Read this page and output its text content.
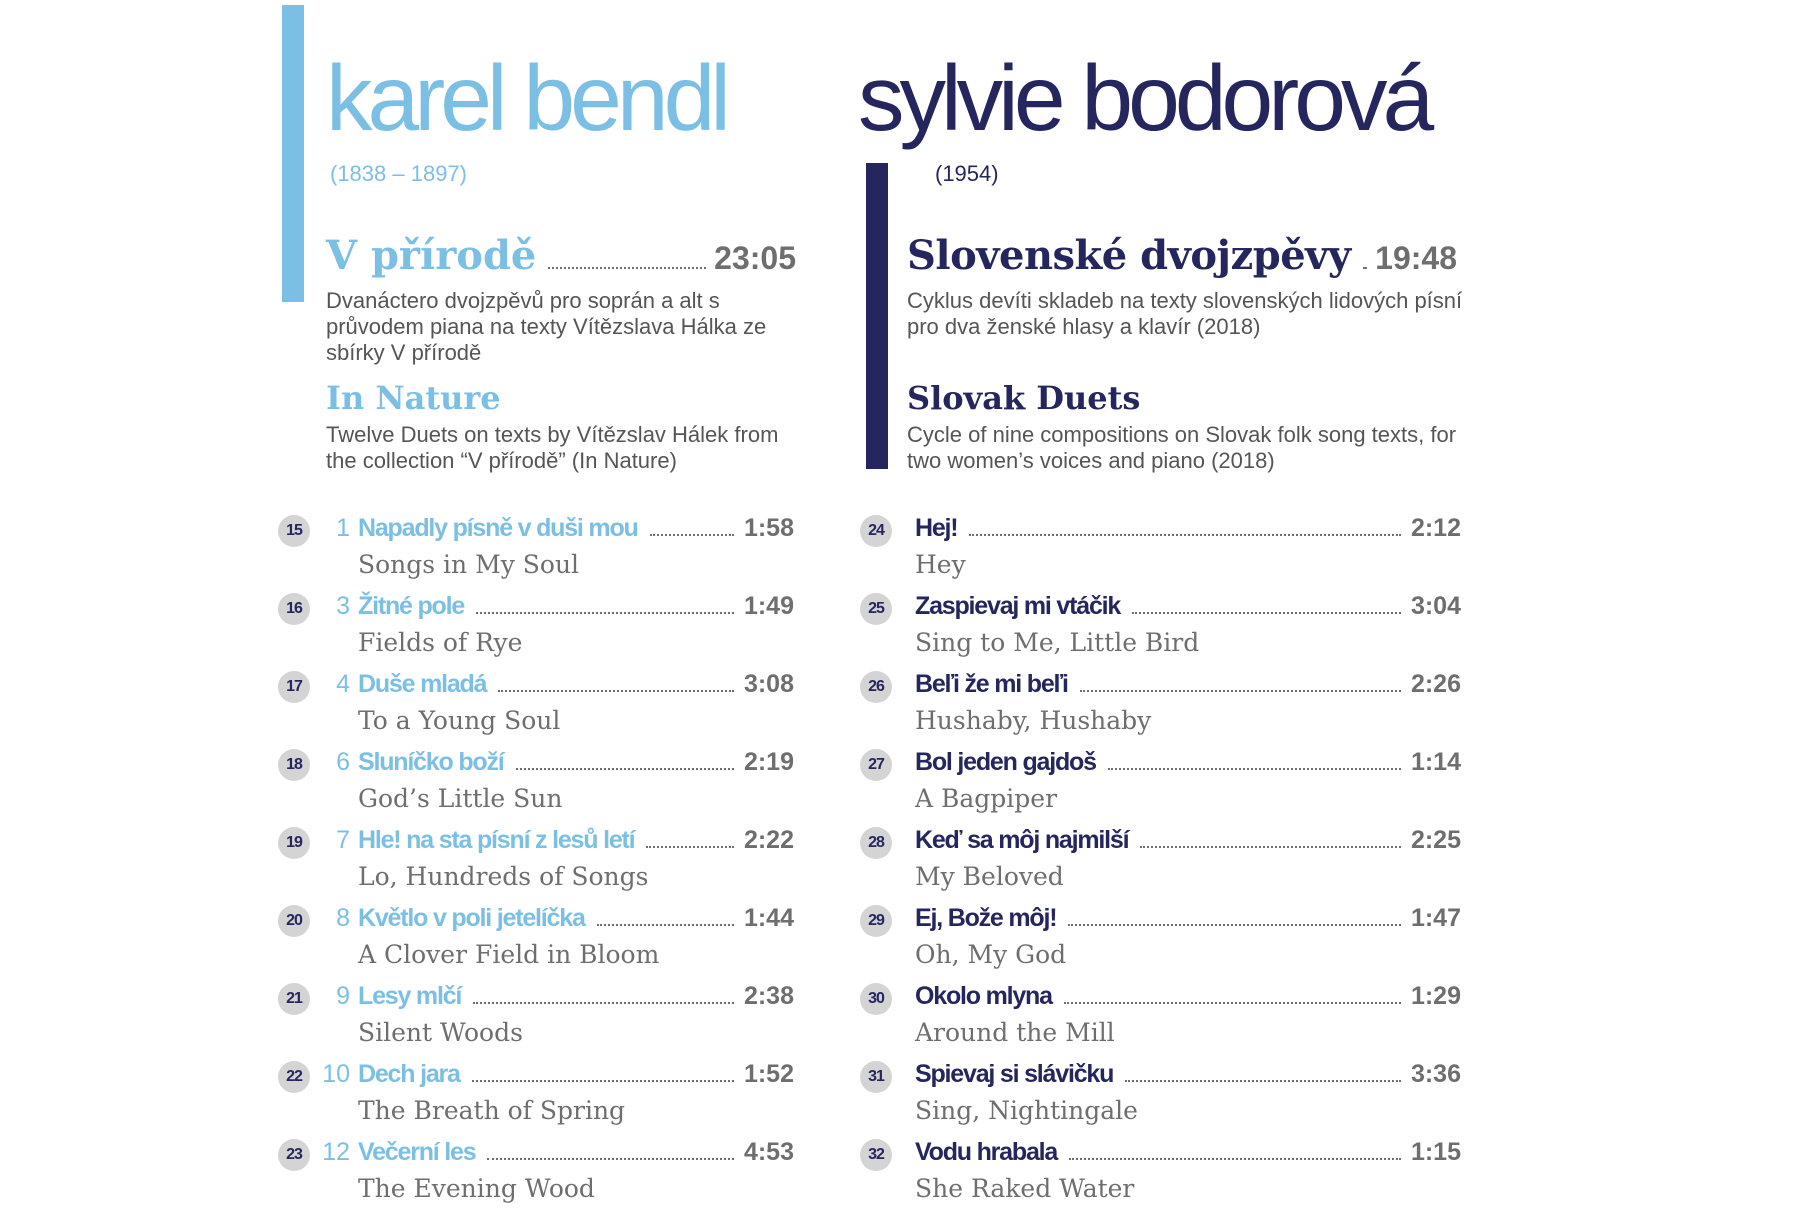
karel bendl
(1838 – 1897)
V přírodě	23:05
Dvanáctero dvojzpěvů pro soprán a alt s průvodem piana na texty Vítězslava Hálka ze sbírky V přírodě
In Nature
Twelve Duets on texts by Vítězslav Hálek from the collection “V přírodě” (In Nature)
sylvie bodorová
(1954)
Slovenské dvojzpěvy 19:48
Cyklus devíti skladeb na texty slovenských lidových písní pro dva ženské hlasy a klavír (2018)
Slovak Duets
Cycle of nine compositions on Slovak folk song texts, for two women’s voices and piano (2018)
15	1 Napadly písně v duši mou	1:58
Songs in My Soul
16	3 Žitné pole	1:49
Fields of Rye
17	4 Duše mladá	3:08
To a Young Soul
18	6 Sluníčko boží	2:19
God’s Little Sun
19	7 Hle! na sta písní z lesů letí	2:22
Lo, Hundreds of Songs
20	8 Květlo v poli jetelíčka	1:44
A Clover Field in Bloom
21	9 Lesy mlčí	2:38
Silent Woods
22 10 Dech jara	1:52
The Breath of Spring
23 12 Večerní les	4:53
The Evening Wood
24	Hej!	2:12
Hey
25	Zaspievaj mi vtáčik	3:04
Sing to Me, Little Bird
26	Beľi že mi beľi	2:26
Hushaby, Hushaby
27	Bol jeden gajdoš	1:14
A Bagpiper
28	Keď sa môj najmilší	2:25
My Beloved
29	Ej, Bože môj!	1:47
Oh, My God
30	Okolo mlyna	1:29
Around the Mill
31	Spievaj si slávičku	3:36
Sing, Nightingale
32	Vodu hrabala	1:15
She Raked Water
